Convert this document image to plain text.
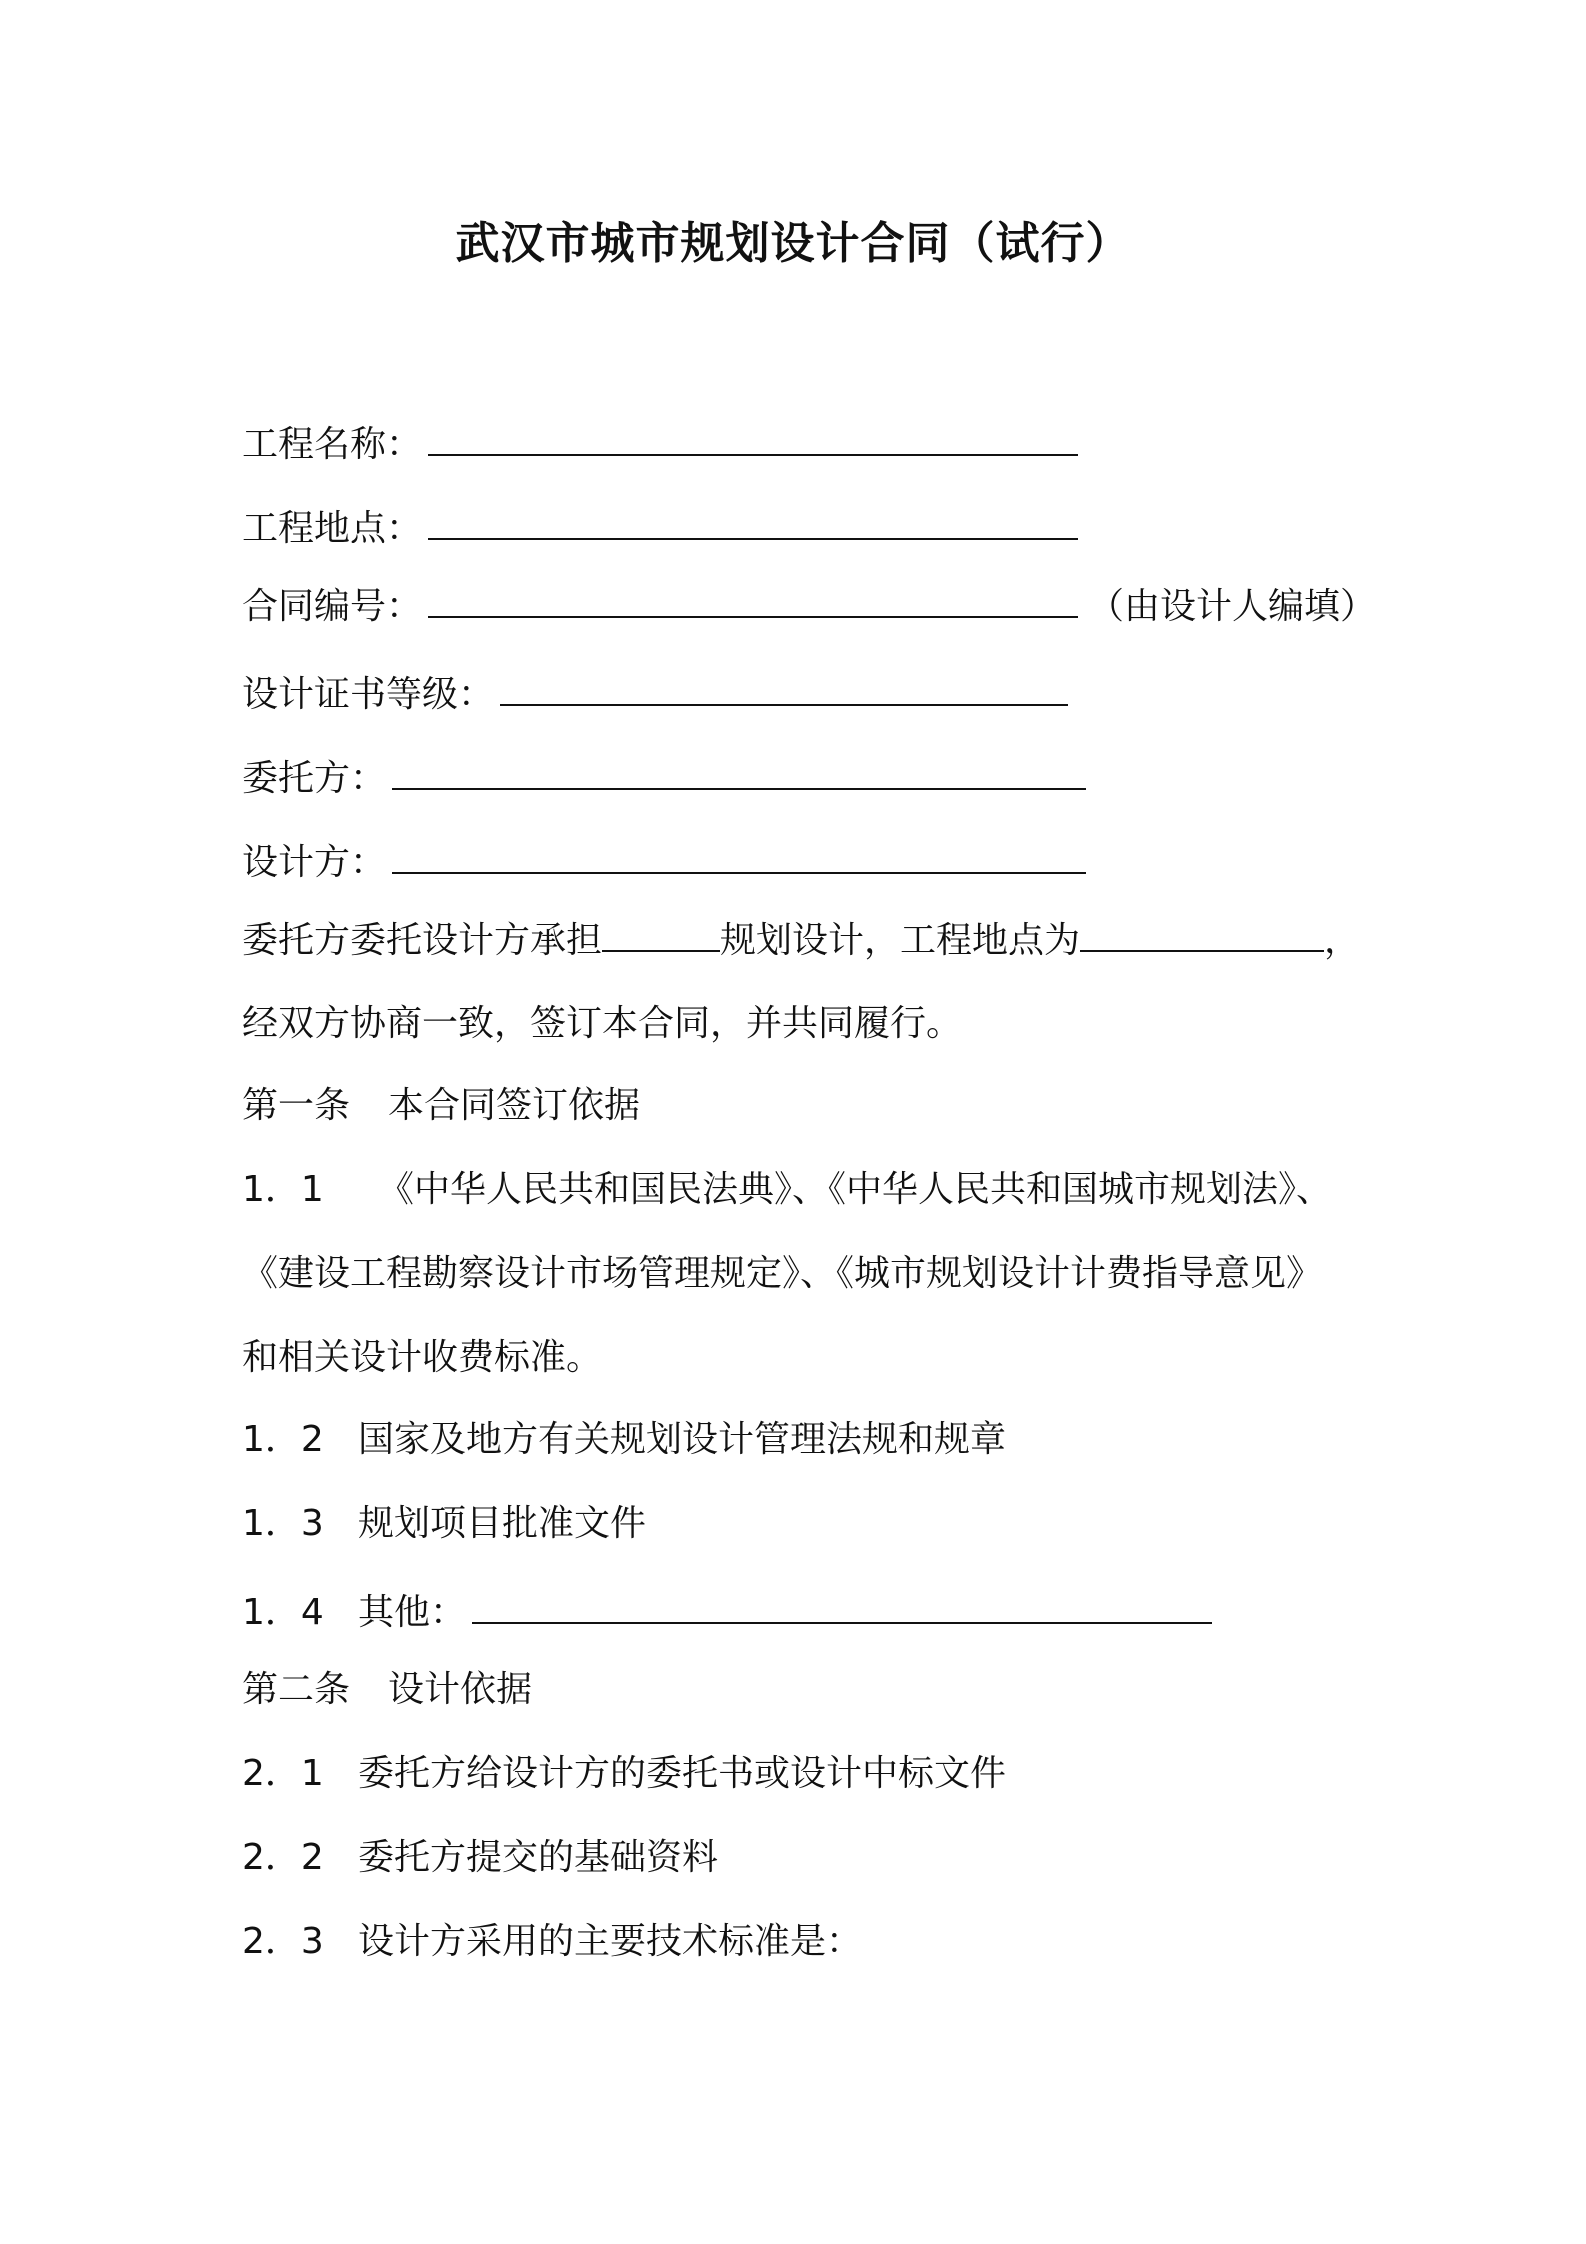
武汉市城市规划设计合同（试行）
工程名称：
工程地点：
合同编号：	（由设计人编填）
设计证书等级：
委托方：
设计方：
委托方委托设计方承担	规划设计，工程地点为	，
经双方协商一致，签订本合同，并共同履行。
第一条 本合同签订依据
1．1 《中华人民共和国民法典》、《中华人民共和国城市规划法》、
《建设工程勘察设计市场管理规定》、《城市规划设计计费指导意见》
和相关设计收费标准。
1．2 国家及地方有关规划设计管理法规和规章
1．3 规划项目批准文件
1．4 其他：
第二条 设计依据
2．1 委托方给设计方的委托书或设计中标文件
2．2 委托方提交的基础资料
2．3 设计方采用的主要技术标准是：
